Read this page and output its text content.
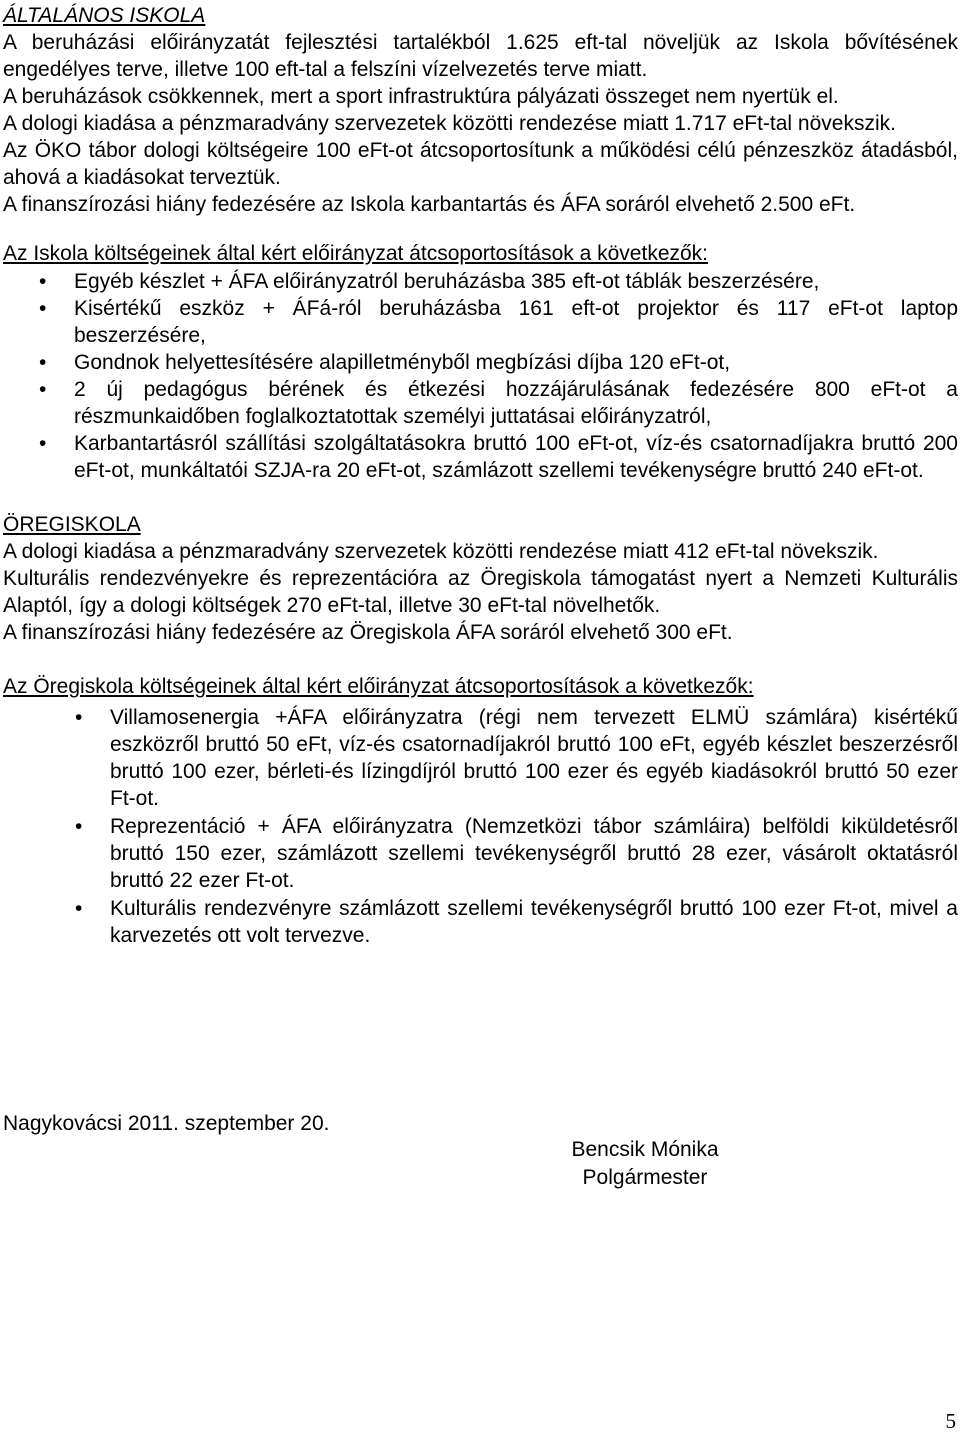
ÁLTALÁNOS ISKOLA

A beruházási előirányzatát fejlesztési tartalékból 1.625 eft-tal növeljük az Iskola bővítésének engedélyes terve, illetve 100 eft-tal a felszíni vízelvezetés terve miatt.

A beruházások csökkennek, mert a sport infrastruktúra pályázati összeget nem nyertük el.

A dologi kiadása a pénzmaradvány szervezetek közötti rendezése miatt 1.717 eFt-tal növekszik.

Az ÖKO tábor dologi költségeire 100 eFt-ot átcsoportosítunk a működési célú pénzeszköz átadásból, ahová a kiadásokat terveztük.

A finanszírozási hiány fedezésére az Iskola karbantartás és ÁFA soráról elvehető 2.500 eFt.

Az Iskola költségeinek által kért előirányzat átcsoportosítások a következők:

• Egyéb készlet + ÁFA előirányzatról beruházásba 385 eft-ot táblák beszerzésére,
• Kisértékű eszköz + ÁFá-ról beruházásba 161 eft-ot projektor és 117 eFt-ot laptop beszerzésére,
• Gondnok helyettesítésére alapilletményből megbízási díjba 120 eFt-ot,
• 2 új pedagógus bérének és étkezési hozzájárulásának fedezésére 800 eFt-ot a részmunkaidőben foglalkoztatottak személyi juttatásai előirányzatról,
• Karbantartásról szállítási szolgáltatásokra bruttó 100 eFt-ot, víz-és csatornadíjakra bruttó 200 eFt-ot, munkáltatói SZJA-ra 20 eFt-ot, számlázott szellemi tevékenységre bruttó 240 eFt-ot.

ÖREGISKOLA

A dologi kiadása a pénzmaradvány szervezetek közötti rendezése miatt 412 eFt-tal növekszik.

Kulturális rendezvényekre és reprezentációra az Öregiskola támogatást nyert a Nemzeti Kulturális Alaptól, így a dologi költségek 270 eFt-tal, illetve 30 eFt-tal növelhetők.

A finanszírozási hiány fedezésére az Öregiskola ÁFA soráról elvehető 300 eFt.

Az Öregiskola költségeinek által kért előirányzat átcsoportosítások a következők:

• Villamosenergia +ÁFA előirányzatra (régi nem tervezett ELMÜ számlára) kisértékű eszközről bruttó 50 eFt, víz-és csatornadíjakról bruttó 100 eFt, egyéb készlet beszerzésről bruttó 100 ezer, bérleti-és lízingdíjról bruttó 100 ezer és egyéb kiadásokról bruttó 50 ezer Ft-ot.
• Reprezentáció + ÁFA előirányzatra (Nemzetközi tábor számláira) belföldi kiküldetésről bruttó 150 ezer, számlázott szellemi tevékenységről bruttó 28 ezer, vásárolt oktatásról bruttó 22 ezer Ft-ot.
• Kulturális rendezvényre számlázott szellemi tevékenységről bruttó 100 ezer Ft-ot, mivel a karvezetés ott volt tervezve.
Nagykovácsi 2011. szeptember 20.
Bencsik Mónika
Polgármester
5
